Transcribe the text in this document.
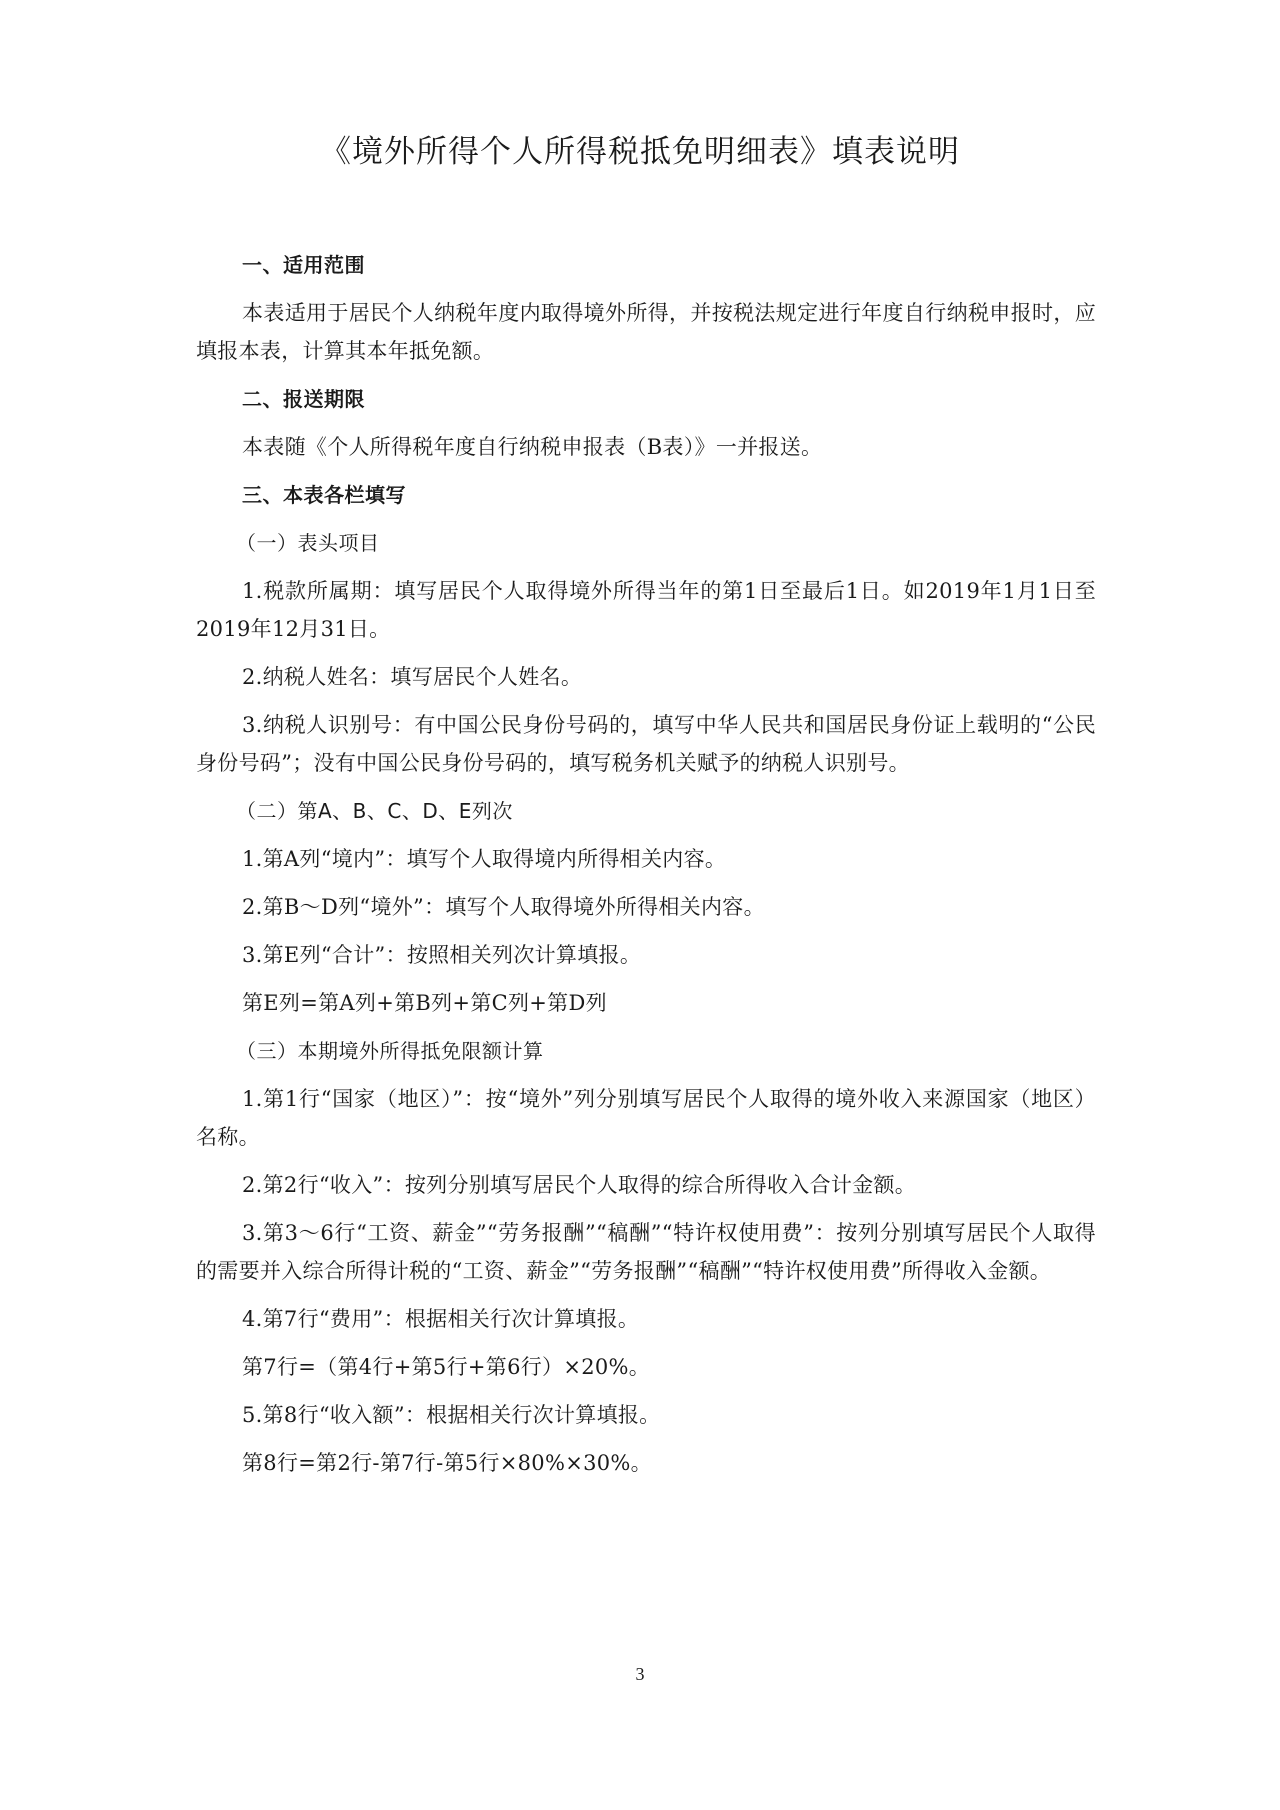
《境外所得个人所得税抵免明细表》填表说明
一、适用范围

本表适用于居民个人纳税年度内取得境外所得，并按税法规定进行年度自行纳税申报时，应填报本表，计算其本年抵免额。

二、报送期限

本表随《个人所得税年度自行纳税申报表（B表）》一并报送。

三、本表各栏填写
（一）表头项目

1.税款所属期：填写居民个人取得境外所得当年的第1日至最后1日。如2019年1月1日至2019年12月31日。

2.纳税人姓名：填写居民个人姓名。

3.纳税人识别号：有中国公民身份号码的，填写中华人民共和国居民身份证上载明的“公民身份号码”；没有中国公民身份号码的，填写税务机关赋予的纳税人识别号。

（二）第A、B、C、D、E列次

1.第A列“境内”：填写个人取得境内所得相关内容。

2.第B～D列“境外”：填写个人取得境外所得相关内容。

3.第E列“合计”：按照相关列次计算填报。

第E列=第A列+第B列+第C列+第D列

（三）本期境外所得抵免限额计算

1.第1行“国家（地区）”：按“境外”列分别填写居民个人取得的境外收入来源国家（地区）名称。

2.第2行“收入”：按列分别填写居民个人取得的综合所得收入合计金额。

3.第3～6行“工资、薪金”“劳务报酬”“稿酬”“特许权使用费”：按列分别填写居民个人取得的需要并入综合所得计税的“工资、薪金”“劳务报酬”“稿酬”“特许权使用费”所得收入金额。

4.第7行“费用”：根据相关行次计算填报。

第7行=（第4行+第5行+第6行）×20%。

5.第8行“收入额”：根据相关行次计算填报。

第8行=第2行-第7行-第5行×80%×30%。

3
